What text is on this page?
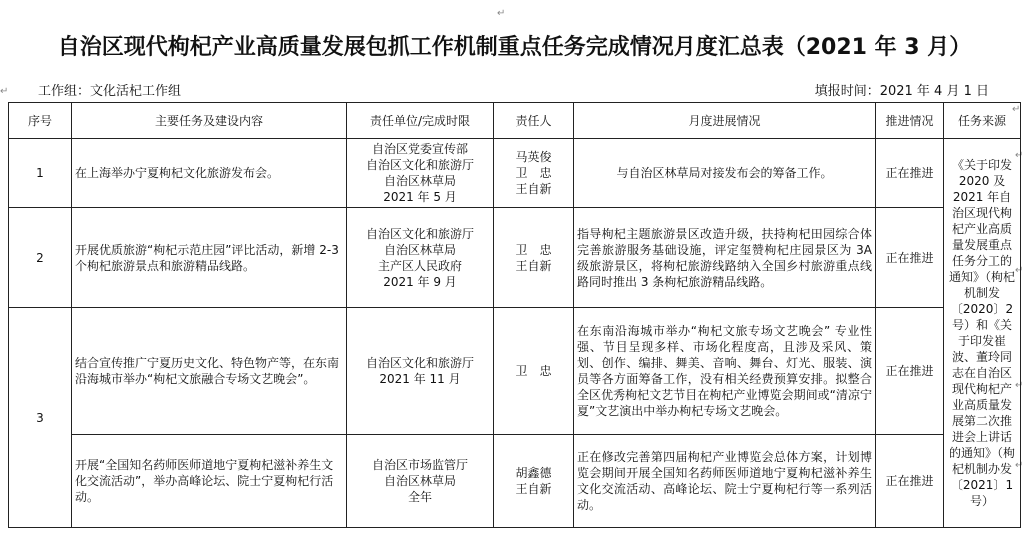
↵
↵
↵
↵
↵
↵
↵
自治区现代枸杞产业高质量发展包抓工作机制重点任务完成情况月度汇总表（2021 年 3 月）
工作组：文化活杞工作组	填报时间：2021 年 4 月 1 日
序号	主要任务及建设内容	责任单位/完成时限	责任人	月度进展情况	推进情况	任务来源
1	在上海举办宁夏枸杞文化旅游发布会。	自治区党委宣传部
自治区文化和旅游厅
自治区林草局
2021 年 5 月	马英俊
卫　忠
王自新	与自治区林草局对接发布会的筹备工作。	正在推进	《关于印发 2020 及 2021 年自治区现代枸杞产业高质量发展重点任务分工的通知》（枸杞机制发〔2020〕2 号）和《关于印发崔波、董玲同志在自治区现代枸杞产业高质量发展第二次推进会上讲话的通知》（枸杞机制办发〔2021〕1 号）
2	开展优质旅游“枸杞示范庄园”评比活动，新增 2-3 个枸杞旅游景点和旅游精品线路。	自治区文化和旅游厅
自治区林草局
主产区人民政府
2021 年 9 月	卫　忠
王自新	指导枸杞主题旅游景区改造升级，扶持枸杞田园综合体完善旅游服务基础设施，评定玺赞枸杞庄园景区为 3A 级旅游景区，将枸杞旅游线路纳入全国乡村旅游重点线路同时推出 3 条枸杞旅游精品线路。	正在推进	
3	结合宣传推广宁夏历史文化、特色物产等，在东南沿海城市举办“枸杞文旅融合专场文艺晚会”。	自治区文化和旅游厅
2021 年 11 月	卫　忠	在东南沿海城市举办“枸杞文旅专场文艺晚会” 专业性强、节目呈现多样、市场化程度高，且涉及采风、策划、创作、编排、舞美、音响、舞台、灯光、服装、演员等各方面筹备工作，没有相关经费预算安排。拟整合全区优秀枸杞文艺节目在枸杞产业博览会期间或“清凉宁夏”文艺演出中举办枸杞专场文艺晚会。	正在推进	
	开展“全国知名药师医师道地宁夏枸杞滋补养生文化交流活动”，举办高峰论坛、院士宁夏枸杞行活动。	自治区市场监管厅
自治区林草局
全年	胡鑫德
王自新	正在修改完善第四届枸杞产业博览会总体方案，计划博览会期间开展全国知名药师医师道地宁夏枸杞滋补养生文化交流活动、高峰论坛、院士宁夏枸杞行等一系列活动。	正在推进	
